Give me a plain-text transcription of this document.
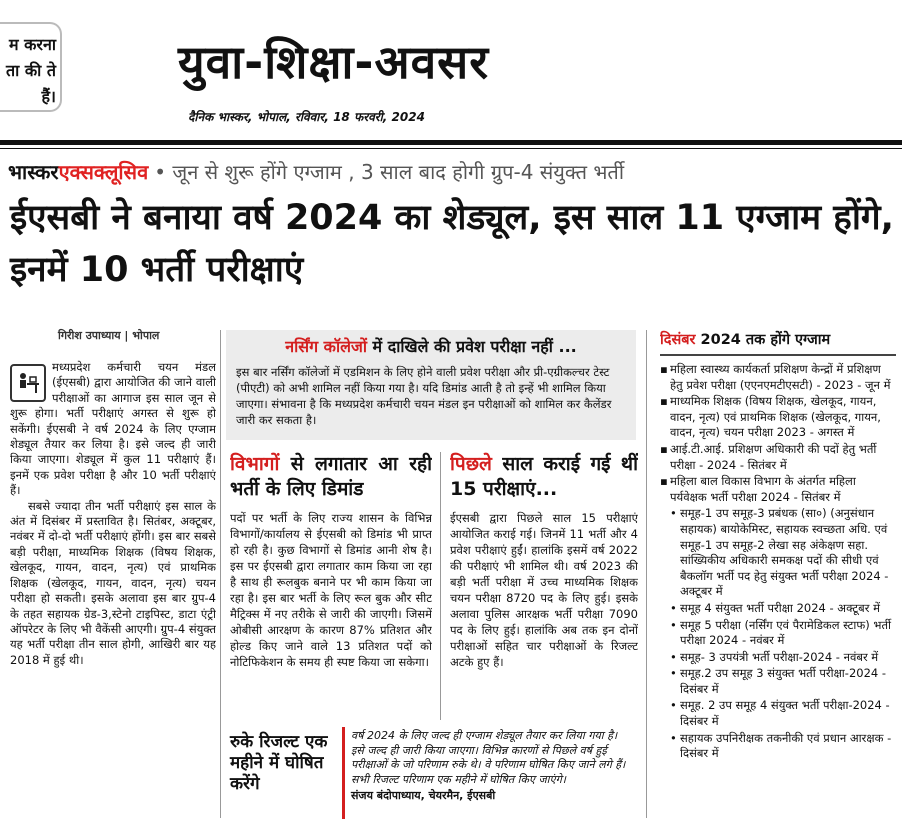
म करना ता की ते हैं।
युवा-शिक्षा-अवसर
दैनिक भास्कर, भोपाल, रविवार, 18 फरवरी, 2024
भास्करएक्सक्लूसिव • जून से शुरू होंगे एग्जाम , 3 साल बाद होगी ग्रुप-4 संयुक्त भर्ती
ईएसबी ने बनाया वर्ष 2024 का शेड्यूल, इस साल 11 एग्जाम होंगे, इनमें 10 भर्ती परीक्षाएं
गिरीश उपाध्याय | भोपाल

मध्यप्रदेश कर्मचारी चयन मंडल (ईएसबी) द्वारा आयोजित की जाने वाली परीक्षाओं का आगाज इस साल जून से शुरू होगा। भर्ती परीक्षाएं अगस्त से शुरू हो सकेंगी। ईएसबी ने वर्ष 2024 के लिए एग्जाम शेड्यूल तैयार कर लिया है। इसे जल्द ही जारी किया जाएगा। शेड्यूल में कुल 11 परीक्षाएं हैं। इनमें एक प्रवेश परीक्षा है और 10 भर्ती परीक्षाएं हैं।

सबसे ज्यादा तीन भर्ती परीक्षाएं इस साल के अंत में दिसंबर में प्रस्तावित है। सितंबर, अक्टूबर, नवंबर में दो-दो भर्ती परीक्षाएं होंगी। इस बार सबसे बड़ी परीक्षा, माध्यमिक शिक्षक (विषय शिक्षक, खेलकूद, गायन, वादन, नृत्य) एवं प्राथमिक शिक्षक (खेलकूद, गायन, वादन, नृत्य) चयन परीक्षा हो सकती। इसके अलावा इस बार ग्रुप-4 के तहत सहायक ग्रेड-3,स्टेनो टाइपिस्ट, डाटा एंट्री ऑपरेटर के लिए भी वैकेंसी आएगी। ग्रुप-4 संयुक्त यह भर्ती परीक्षा तीन साल होगी, आखिरी बार यह 2018 में हुई थी।

नर्सिंग कॉलेजों में दाखिले की प्रवेश परीक्षा नहीं ...
इस बार नर्सिंग कॉलेजों में एडमिशन के लिए होने वाली प्रवेश परीक्षा और प्री-एग्रीकल्चर टेस्ट (पीएटी) को अभी शामिल नहीं किया गया है। यदि डिमांड आती है तो इन्हें भी शामिल किया जाएगा। संभावना है कि मध्यप्रदेश कर्मचारी चयन मंडल इन परीक्षाओं को शामिल कर कैलेंडर जारी कर सकता है।
विभागों से लगातार आ रही भर्ती के लिए डिमांड
पदों पर भर्ती के लिए राज्य शासन के विभिन्न विभागों/कार्यालय से ईएसबी को डिमांड भी प्राप्त हो रही है। कुछ विभागों से डिमांड आनी शेष है। इस पर ईएसबी द्वारा लगातार काम किया जा रहा है साथ ही रूलबुक बनाने पर भी काम किया जा रहा है। इस बार भर्ती के लिए रूल बुक और सीट मैट्रिक्स में नए तरीके से जारी की जाएगी। जिसमें ओबीसी आरक्षण के कारण 87% प्रतिशत और होल्ड किए जाने वाले 13 प्रतिशत पदों को नोटिफिकेशन के समय ही स्पष्ट किया जा सकेगा।
पिछले साल कराई गई थीं 15 परीक्षाएं...
ईएसबी द्वारा पिछले साल 15 परीक्षाएं आयोजित कराई गई। जिनमें 11 भर्ती और 4 प्रवेश परीक्षाएं हुईं। हालांकि इसमें वर्ष 2022 की परीक्षाएं भी शामिल थी। वर्ष 2023 की बड़ी भर्ती परीक्षा में उच्च माध्यमिक शिक्षक चयन परीक्षा 8720 पद के लिए हुई। इसके अलावा पुलिस आरक्षक भर्ती परीक्षा 7090 पद के लिए हुई। हालांकि अब तक इन दोनों परीक्षाओं सहित चार परीक्षाओं के रिजल्ट अटके हुए हैं।
रुके रिजल्ट एक महीने में घोषित करेंगे
वर्ष 2024 के लिए जल्द ही एग्जाम शेड्यूल तैयार कर लिया गया है। इसे जल्द ही जारी किया जाएगा। विभिन्न कारणों से पिछले वर्ष हुई परीक्षाओं के जो परिणाम रुके थे। वे परिणाम घोषित किए जाने लगे हैं। सभी रिजल्ट परिणाम एक महीने में घोषित किए जाएंगे।
संजय बंदोपाध्याय, चेयरमैन, ईएसबी
दिसंबर 2024 तक होंगे एग्जाम
▪ महिला स्वास्थ्य कार्यकर्ता प्रशिक्षण केन्द्रों में प्रशिक्षण हेतु प्रवेश परीक्षा (एएनएमटीएसटी) - 2023 - जून में
▪ माध्यमिक शिक्षक (विषय शिक्षक, खेलकूद, गायन, वादन, नृत्य) एवं प्राथमिक शिक्षक (खेलकूद, गायन, वादन, नृत्य) चयन परीक्षा 2023 - अगस्त में
▪ आई.टी.आई. प्रशिक्षण अधिकारी की पदों हेतु भर्ती परीक्षा - 2024 - सितंबर में
▪ महिला बाल विकास विभाग के अंतर्गत महिला पर्यवेक्षक भर्ती परीक्षा 2024 - सितंबर में
• समूह-1 उप समूह-3 प्रबंधक (सा०) (अनुसंधान सहायक) बायोकेमिस्ट, सहायक स्वच्छता अधि. एवं समूह-1 उप समूह-2 लेखा सह अंकेक्षण सहा. सांख्यिकीय अधिकारी समकक्ष पदों की सीधी एवं बैकलॉग भर्ती पद हेतु संयुक्त भर्ती परीक्षा 2024 - अक्टूबर में
• समूह 4 संयुक्त भर्ती परीक्षा 2024 - अक्टूबर में
• समूह 5 परीक्षा (नर्सिंग एवं पैरामेडिकल स्टाफ) भर्ती परीक्षा 2024 - नवंबर में
• समूह- 3 उपयंत्री भर्ती परीक्षा-2024 - नवंबर में
• समूह.2 उप समूह 3 संयुक्त भर्ती परीक्षा-2024 - दिसंबर में
• समूह. 2 उप समूह 4 संयुक्त भर्ती परीक्षा-2024 - दिसंबर में
• सहायक उपनिरीक्षक तकनीकी एवं प्रधान आरक्षक - दिसंबर में
